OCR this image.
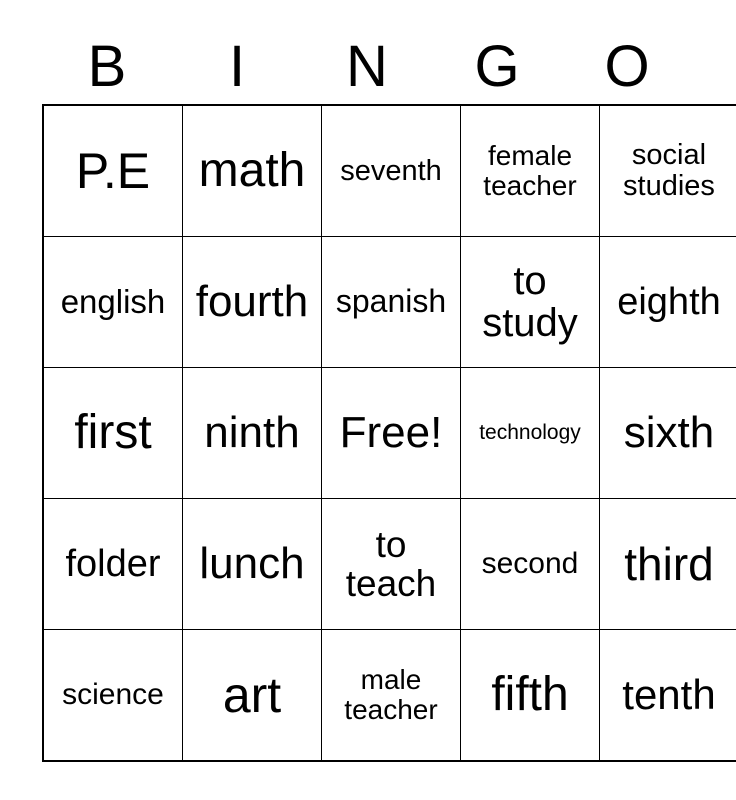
B	I	N	G	O
P.E	math	seventh	female teacher	social studies
english	fourth	spanish	to study	eighth
first	ninth	Free!	technology	sixth
folder	lunch	to teach	second	third
science	art	male teacher	fifth	tenth
